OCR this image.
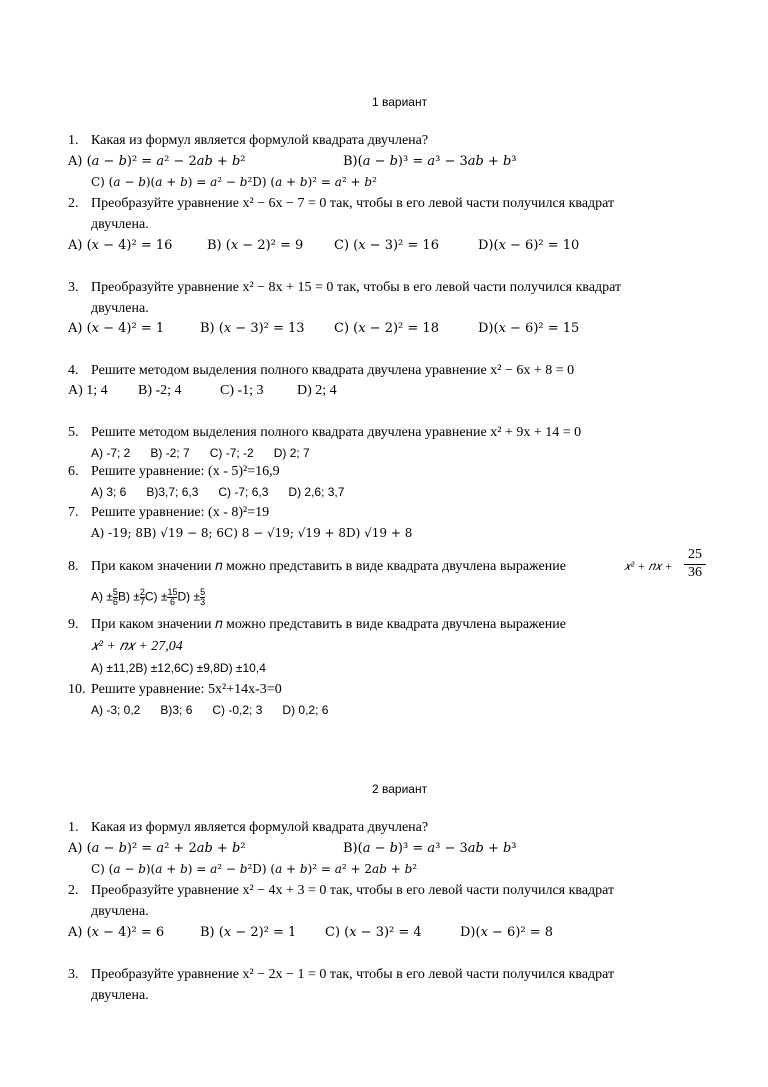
1 вариант
1. Какая из формул является формулой квадрата двучлена?
A) (𝑎 − 𝑏)² = 𝑎² − 2𝑎𝑏 + 𝑏²	B)(𝑎 − 𝑏)³ = 𝑎³ − 3𝑎𝑏 + 𝑏³
C) (𝑎 − 𝑏)(𝑎 + 𝑏) = 𝑎² − 𝑏²D) (𝑎 + 𝑏)² = 𝑎² + 𝑏²
2. Преобразуйте уравнение x² − 6x − 7 = 0 так, чтобы в его левой части получился квадрат
двучлена.
A) (𝑥 − 4)² = 16	B) (𝑥 − 2)² = 9 C) (𝑥 − 3)² = 16	D)(𝑥 − 6)² = 10
3. Преобразуйте уравнение x² − 8x + 15 = 0 так, чтобы в его левой части получился квадрат
двучлена.
A) (𝑥 − 4)² = 1	B) (𝑥 − 3)² = 13 C) (𝑥 − 2)² = 18	D)(𝑥 − 6)² = 15
4. Решите методом выделения полного квадрата двучлена уравнение x² − 6x + 8 = 0
A) 1; 4 B) -2; 4	C) -1; 3 D) 2; 4
5. Решите методом выделения полного квадрата двучлена уравнение x² + 9x + 14 = 0
A) -7; 2      B) -2; 7      C) -7; -2      D) 2; 7
6. Решите уравнение: (x - 5)²=16,9
A) 3; 6      B)3,7; 6,3      C) -7; 6,3      D) 2,6; 3,7
7. Решите уравнение: (x - 8)²=19
A) -19; 8B) √19 − 8; 6C) 8 − √19; √19 + 8D) √19 + 8
8. При каком значении 𝑛 можно представить в виде квадрата двучлена выражение	𝑥² + 𝑛𝑥 + $\frac{25}{36}$
$A) \pm \frac{5}{6} B) \pm \frac{2}{7} C) \pm \frac{15}{6} D) \pm \frac{5}{3}$
9. При каком значении 𝑛 можно представить в виде квадрата двучлена выражение
𝑥² + 𝑛𝑥 + 27,04
A) ±11,2B) ±12,6C) ±9,8D) ±10,4
10. Решите уравнение: 5x²+14x-3=0
A) -3; 0,2      B)3; 6      C) -0,2; 3      D) 0,2; 6
2 вариант
1. Какая из формул является формулой квадрата двучлена?
A) (𝑎 − 𝑏)² = 𝑎² + 2𝑎𝑏 + 𝑏²	B)(𝑎 − 𝑏)³ = 𝑎³ − 3𝑎𝑏 + 𝑏³
C) (𝑎 − 𝑏)(𝑎 + 𝑏) = 𝑎² − 𝑏²D) (𝑎 + 𝑏)² = 𝑎² + 2𝑎𝑏 + 𝑏²
2. Преобразуйте уравнение x² − 4x + 3 = 0 так, чтобы в его левой части получился квадрат
двучлена.
A) (𝑥 − 4)² = 6	B) (𝑥 − 2)² = 1 C) (𝑥 − 3)² = 4	D)(𝑥 − 6)² = 8
3. Преобразуйте уравнение x² − 2x − 1 = 0 так, чтобы в его левой части получился квадрат
двучлена.
